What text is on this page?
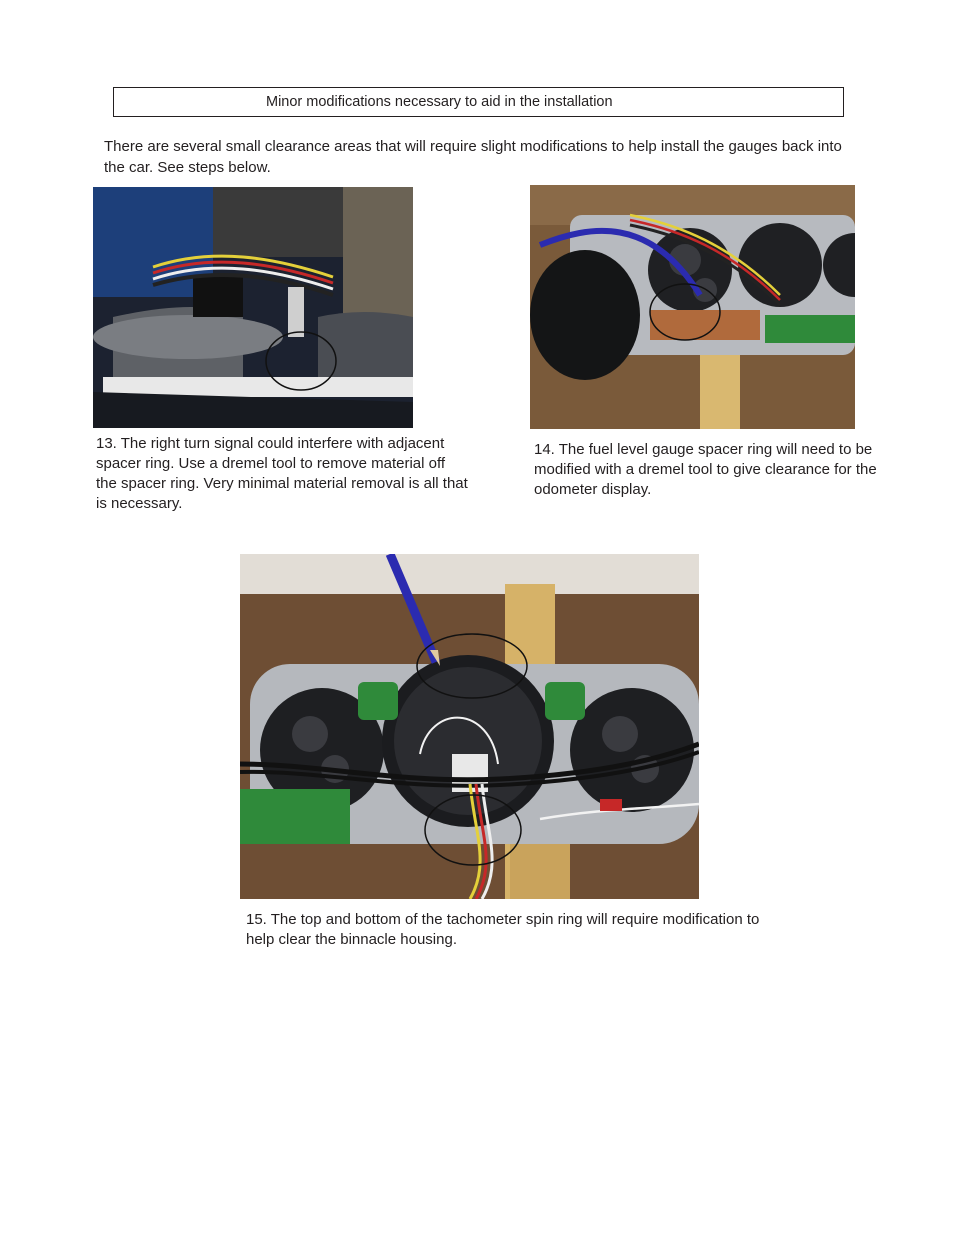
Minor modifications necessary to aid in the installation
There are several small clearance areas that will require slight modifications to help install the gauges back into the car. See steps below.
13. The right turn signal could interfere with adjacent spacer ring. Use a dremel tool to remove material off the spacer ring. Very minimal material removal is all that is necessary.
14. The fuel level gauge spacer ring will need to be modified with a dremel tool to give clearance for the odometer display.
15. The top and bottom of the tachometer spin ring will require modification to help clear the binnacle housing.
